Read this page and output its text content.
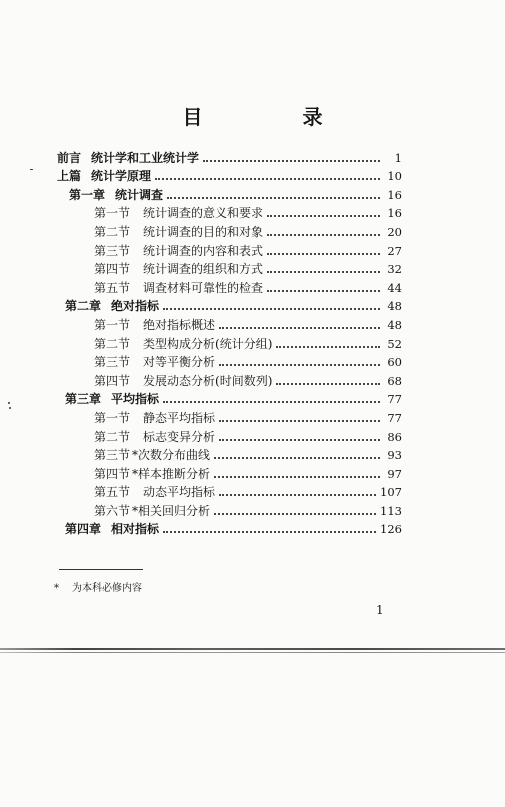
目　录
前言 统计学和工业统计学	1
上篇 统计学原理	10
第一章 统计调查	16
第一节 统计调查的意义和要求	16
第二节 统计调查的目的和对象	20
第三节 统计调查的内容和表式	27
第四节 统计调查的组织和方式	32
第五节 调查材料可靠性的检查	44
第二章 绝对指标	48
第一节 绝对指标概述	48
第二节 类型构成分析(统计分组)	52
第三节 对等平衡分析	60
第四节 发展动态分析(时间数列)	68
第三章 平均指标	77
第一节 静态平均指标	77
第二节 标志变异分析	86
第三节 *次数分布曲线	93
第四节 *样本推断分析	97
第五节 动态平均指标	107
第六节 *相关回归分析	113
第四章 相对指标	126
* 为本科必修内容
1
